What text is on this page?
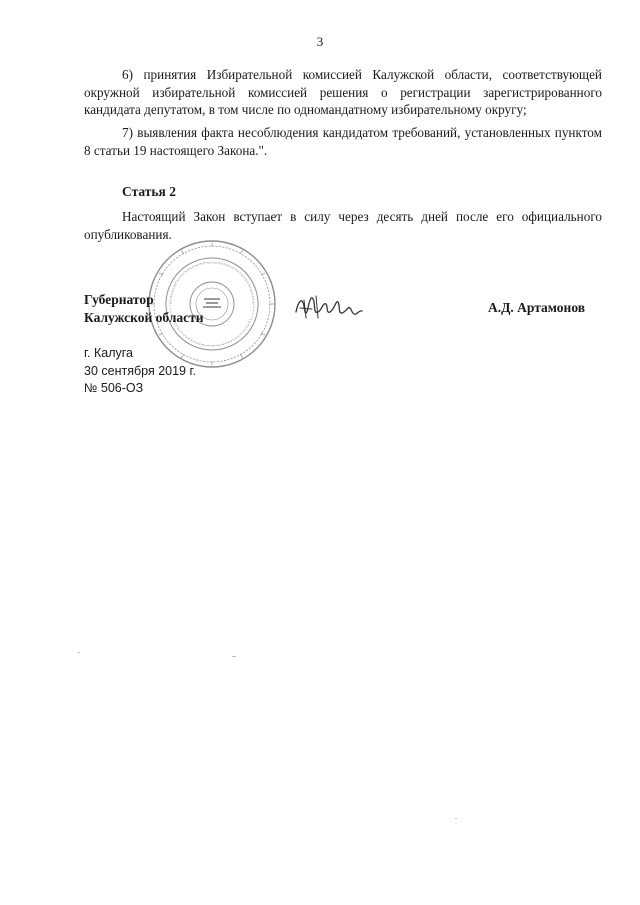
3

6) принятия Избирательной комиссией Калужской области, соответствующей окружной избирательной комиссией решения о регистрации зарегистрированного кандидата депутатом, в том числе по одномандатному избирательному округу;

7) выявления факта несоблюдения кандидатом требований, установленных пунктом 8 статьи 19 настоящего Закона.".

Статья 2

Настоящий Закон вступает в силу через десять дней после его официального опубликования.

Губернатор
Калужской области
А.Д. Артамонов
г. Калуга
30 сентября 2019 г.
№ 506-ОЗ
